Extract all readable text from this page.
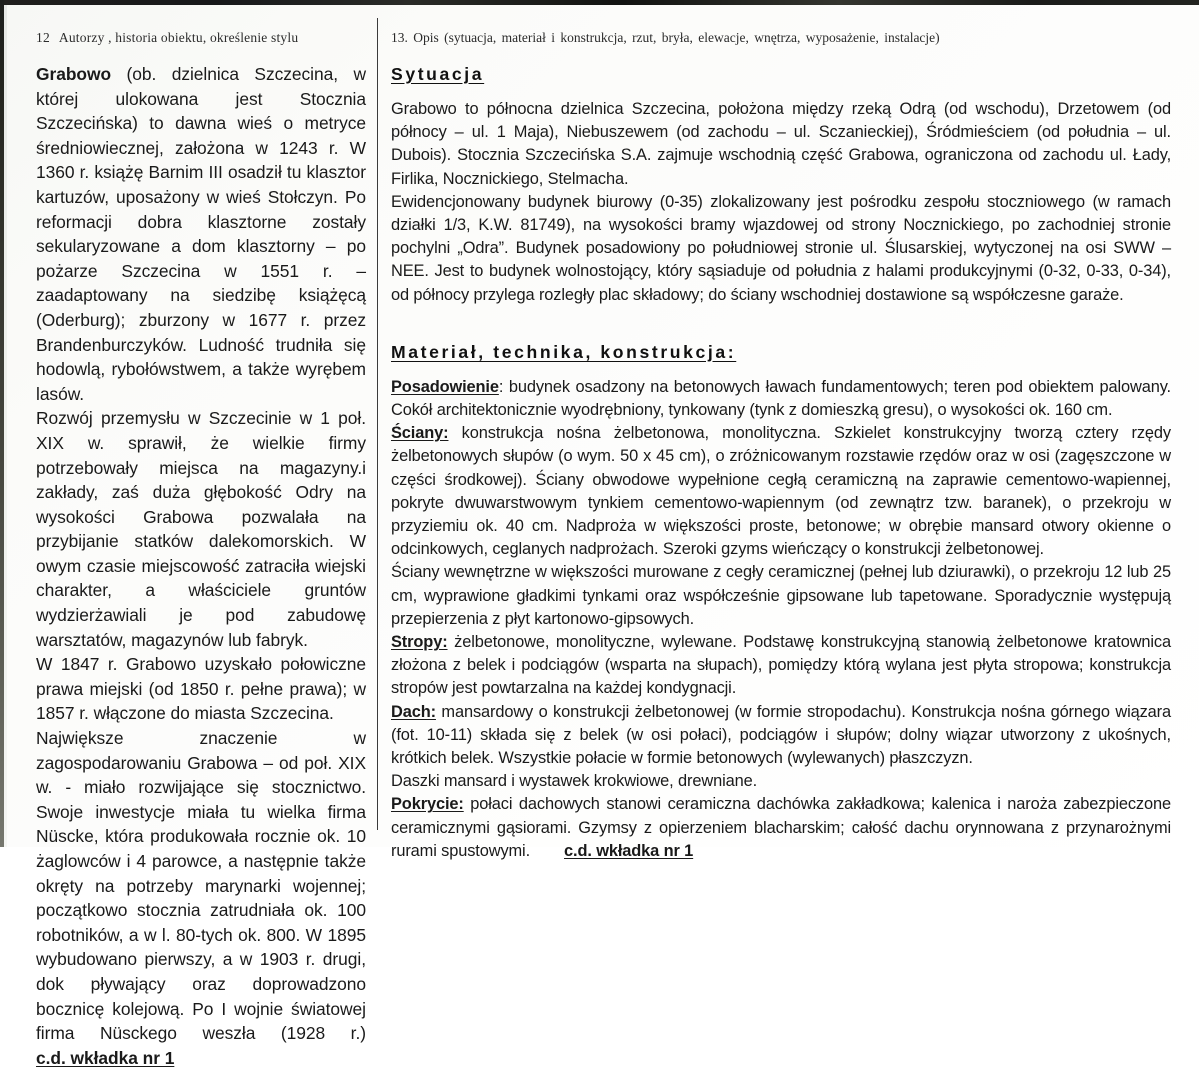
12 Autorzy , historia obiektu, określenie stylu

Grabowo (ob. dzielnica Szczecina, w której ulokowana jest Stocznia Szczecińska) to dawna wieś o metryce średniowiecznej, założona w 1243 r. W 1360 r. książę Barnim III osadził tu klasztor kartuzów, uposażony w wieś Stołczyn. Po reformacji dobra klasztorne zostały sekularyzowane a dom klasztorny – po pożarze Szczecina w 1551 r. – zaadaptowany na siedzibę książęcą (Oderburg); zburzony w 1677 r. przez Brandenburczyków. Ludność trudniła się hodowlą, rybołówstwem, a także wyrębem lasów.

Rozwój przemysłu w Szczecinie w 1 poł. XIX w. sprawił, że wielkie firmy potrzebowały miejsca na magazyny.i zakłady, zaś duża głębokość Odry na wysokości Grabowa pozwalała na przybijanie statków dalekomorskich. W owym czasie miejscowość zatraciła wiejski charakter, a właściciele gruntów wydzierżawiali je pod zabudowę warsztatów, magazynów lub fabryk.

W 1847 r. Grabowo uzyskało połowiczne prawa miejski (od 1850 r. pełne prawa); w 1857 r. włączone do miasta Szczecina.

Największe znaczenie w zagospodarowaniu Grabowa – od poł. XIX w. - miało rozwijające się stocznictwo. Swoje inwestycje miała tu wielka firma Nüscke, która produkowała rocznie ok. 10 żaglowców i 4 parowce, a następnie także okręty na potrzeby marynarki wojennej; początkowo stocznia zatrudniała ok. 100 robotników, a w l. 80-tych ok. 800. W 1895 wybudowano pierwszy, a w 1903 r. drugi, dok pływający oraz doprowadzono bocznicę kolejową. Po I wojnie światowej firma Nüsckego weszła (1928 r.) c.d. wkładka nr 1

13. Opis (sytuacja, materiał i konstrukcja, rzut, bryła, elewacje, wnętrza, wyposażenie, instalacje)
Sytuacja

Grabowo to północna dzielnica Szczecina, położona między rzeką Odrą (od wschodu), Drzetowem (od północy – ul. 1 Maja), Niebuszewem (od zachodu – ul. Sczanieckiej), Śródmieściem (od południa – ul. Dubois). Stocznia Szczecińska S.A. zajmuje wschodnią część Grabowa, ograniczona od zachodu ul. Łady, Firlika, Nocznickiego, Stelmacha.

Ewidencjonowany budynek biurowy (0-35) zlokalizowany jest pośrodku zespołu stoczniowego (w ramach działki 1/3, K.W. 81749), na wysokości bramy wjazdowej od strony Nocznickiego, po zachodniej stronie pochylni „Odra”. Budynek posadowiony po południowej stronie ul. Ślusarskiej, wytyczonej na osi SWW – NEE. Jest to budynek wolnostojący, który sąsiaduje od południa z halami produkcyjnymi (0-32, 0-33, 0-34), od północy przylega rozległy plac składowy; do ściany wschodniej dostawione są współczesne garaże.

Materiał, technika, konstrukcja:

Posadowienie: budynek osadzony na betonowych ławach fundamentowych; teren pod obiektem palowany. Cokół architektonicznie wyodrębniony, tynkowany (tynk z domieszką gresu), o wysokości ok. 160 cm.

Ściany: konstrukcja nośna żelbetonowa, monolityczna. Szkielet konstrukcyjny tworzą cztery rzędy żelbetonowych słupów (o wym. 50 x 45 cm), o zróżnicowanym rozstawie rzędów oraz w osi (zagęszczone w części środkowej). Ściany obwodowe wypełnione cegłą ceramiczną na zaprawie cementowo-wapiennej, pokryte dwuwarstwowym tynkiem cementowo-wapiennym (od zewnątrz tzw. baranek), o przekroju w przyziemiu ok. 40 cm. Nadproża w większości proste, betonowe; w obrębie mansard otwory okienne o odcinkowych, ceglanych nadprożach. Szeroki gzyms wieńczący o konstrukcji żelbetonowej.

Ściany wewnętrzne w większości murowane z cegły ceramicznej (pełnej lub dziurawki), o przekroju 12 lub 25 cm, wyprawione gładkimi tynkami oraz współcześnie gipsowane lub tapetowane. Sporadycznie występują przepierzenia z płyt kartonowo-gipsowych.

Stropy: żelbetonowe, monolityczne, wylewane. Podstawę konstrukcyjną stanowią żelbetonowe kratownica złożona z belek i podciągów (wsparta na słupach), pomiędzy którą wylana jest płyta stropowa; konstrukcja stropów jest powtarzalna na każdej kondygnacji.

Dach: mansardowy o konstrukcji żelbetonowej (w formie stropodachu). Konstrukcja nośna górnego wiązara (fot. 10-11) składa się z belek (w osi połaci), podciągów i słupów; dolny wiązar utworzony z ukośnych, krótkich belek. Wszystkie połacie w formie betonowych (wylewanych) płaszczyzn.

Daszki mansard i wystawek krokwiowe, drewniane.

Pokrycie: połaci dachowych stanowi ceramiczna dachówka zakładkowa; kalenica i naroża zabezpieczone ceramicznymi gąsiorami. Gzymsy z opierzeniem blacharskim; całość dachu orynnowana z przynarożnymi rurami spustowymi. c.d. wkładka nr 1
